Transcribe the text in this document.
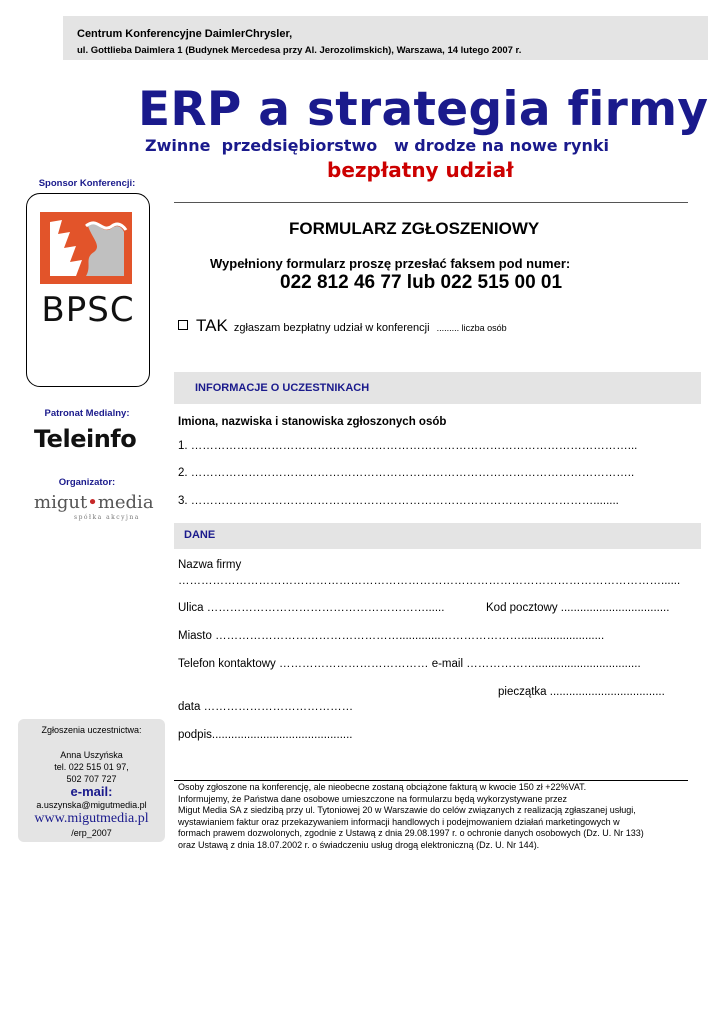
Centrum Konferencyjne DaimlerChrysler,
ul. Gottlieba Daimlera 1 (Budynek Mercedesa przy Al. Jerozolimskich), Warszawa, 14 lutego 2007 r.
ERP a strategia firmy
Zwinne  przedsiębiorstwo   w drodze na nowe rynki
bezpłatny udział
Sponsor Konferencji:
BPSC
Patronat Medialny:
Teleinfo
Organizator:
migut•media
spółka akcyjna
Zgłoszenia uczestnictwa:
Anna Uszyńska
tel. 022 515 01 97,
502 707 727
e-mail:
a.uszynska@migutmedia.pl
www.migutmedia.pl
/erp_2007
FORMULARZ ZGŁOSZENIOWY
Wypełniony formularz proszę przesłać faksem pod numer:
022 812 46 77 lub 022 515 00 01
TAK zgłaszam bezpłatny udział w konferencji ......... liczba osób
INFORMACJE O UCZESTNIKACH
Imiona, nazwiska i stanowiska zgłoszonych osób
1. ……………………………………………………………………………………………………...
2. ……………………………………………………………………………………………………..
3. ……………………………………………………………………………………………........
DANE
Nazwa firmy
………………………………………………………………………………………………………………......
Ulica …………………………………………………......	Kod pocztowy ..................................
Miasto ………………………………………….............…………………..........................
Telefon kontaktowy ………………………………… e-mail ……………….................................
pieczątka ....................................
data …………………………………
podpis............................................
Osoby zgłoszone na konferencję, ale nieobecne zostaną obciążone fakturą w kwocie 150 zł +22%VAT.
Informujemy, że Państwa dane osobowe umieszczone na formularzu będą wykorzystywane przez
Migut Media SA z siedzibą przy ul. Tytoniowej 20 w Warszawie do celów związanych z realizacją zgłaszanej usługi,
wystawianiem faktur oraz przekazywaniem informacji handlowych i podejmowaniem działań marketingowych w
formach prawem dozwolonych, zgodnie z Ustawą z dnia 29.08.1997 r. o ochronie danych osobowych (Dz. U. Nr 133)
oraz Ustawą z dnia 18.07.2002 r. o świadczeniu usług drogą elektroniczną (Dz. U. Nr 144).
